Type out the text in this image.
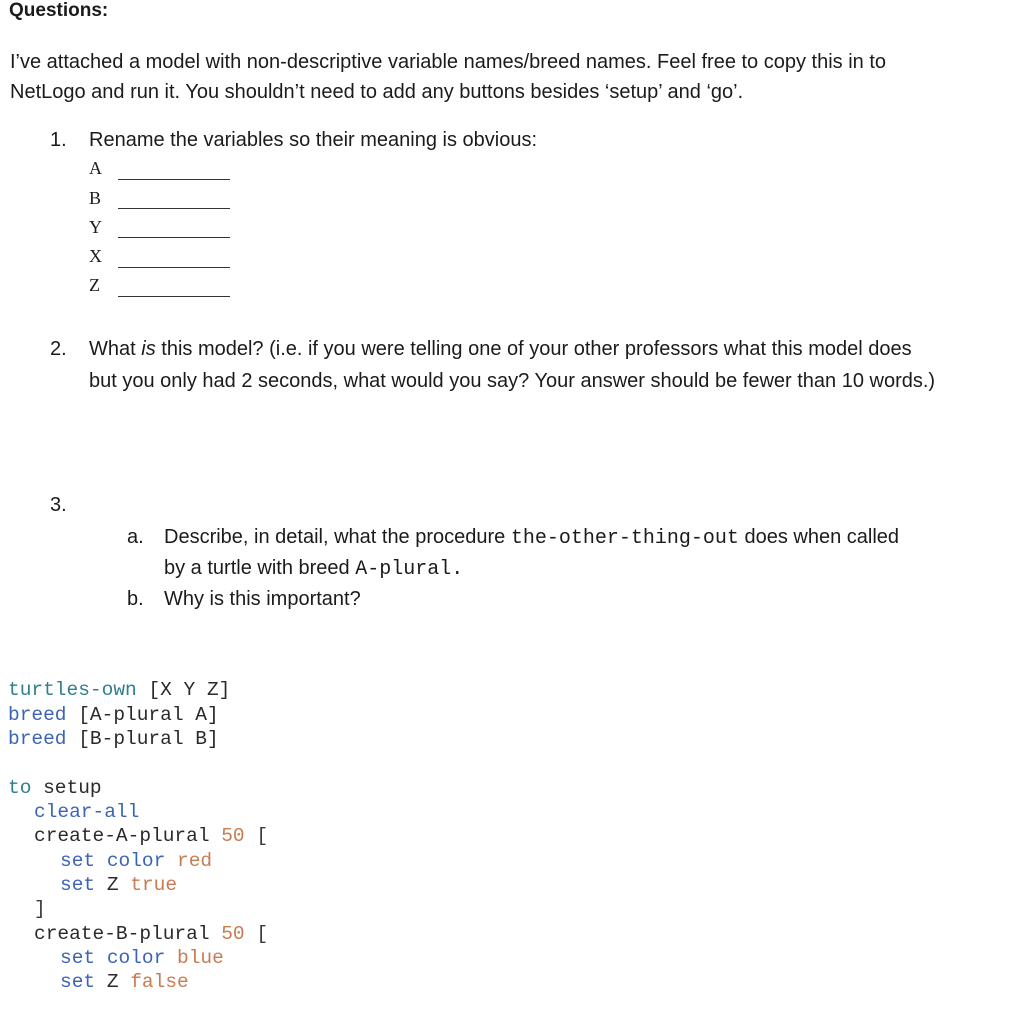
Questions:
I’ve attached a model with non-descriptive variable names/breed names. Feel free to copy this in to
NetLogo and run it. You shouldn’t need to add any buttons besides ‘setup’ and ‘go’.
1. Rename the variables so their meaning is obvious:
A
B
Y
X
Z
2. What is this model? (i.e. if you were telling one of your other professors what this model does
but you only had 2 seconds, what would you say? Your answer should be fewer than 10 words.)
3.
a. Describe, in detail, what the procedure the-other-thing-out does when called
by a turtle with breed A-plural.
b. Why is this important?
turtles-own [X Y Z]
breed [A-plural A]
breed [B-plural B]
to setup
clear-all
create-A-plural 50 [
set color red
set Z true
]
create-B-plural 50 [
set color blue
set Z false
